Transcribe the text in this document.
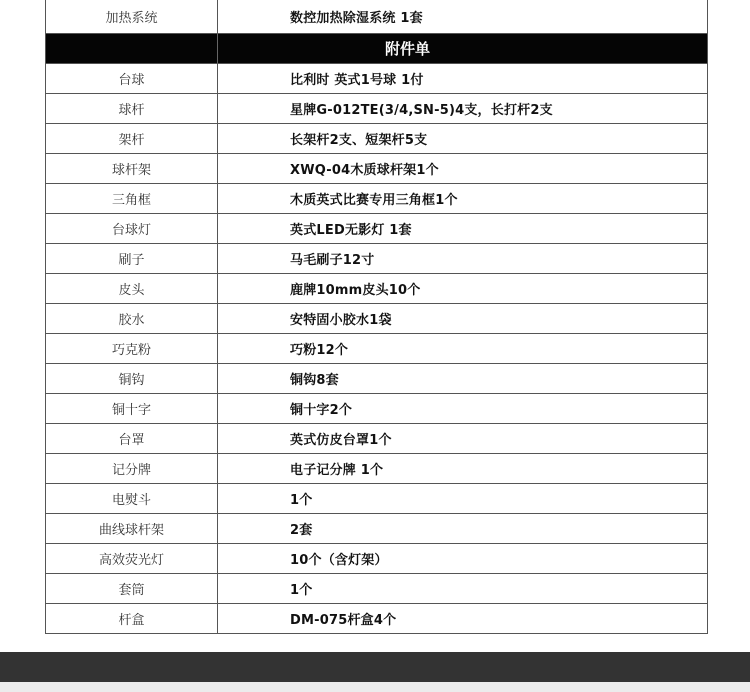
加热系统	数控加热除湿系统 1套
附件单
台球	比利时 英式1号球 1付
球杆	星牌G-012TE(3/4,SN-5)4支，长打杆2支
架杆	长架杆2支、短架杆5支
球杆架	XWQ-04木质球杆架1个
三角框	木质英式比赛专用三角框1个
台球灯	英式LED无影灯 1套
刷子	马毛刷子12寸
皮头	鹿牌10mm皮头10个
胶水	安特固小胶水1袋
巧克粉	巧粉12个
铜钩	铜钩8套
铜十字	铜十字2个
台罩	英式仿皮台罩1个
记分牌	电子记分牌 1个
电熨斗	1个
曲线球杆架	2套
高效荧光灯	10个（含灯架）
套筒	1个
杆盒	DM-075杆盒4个
